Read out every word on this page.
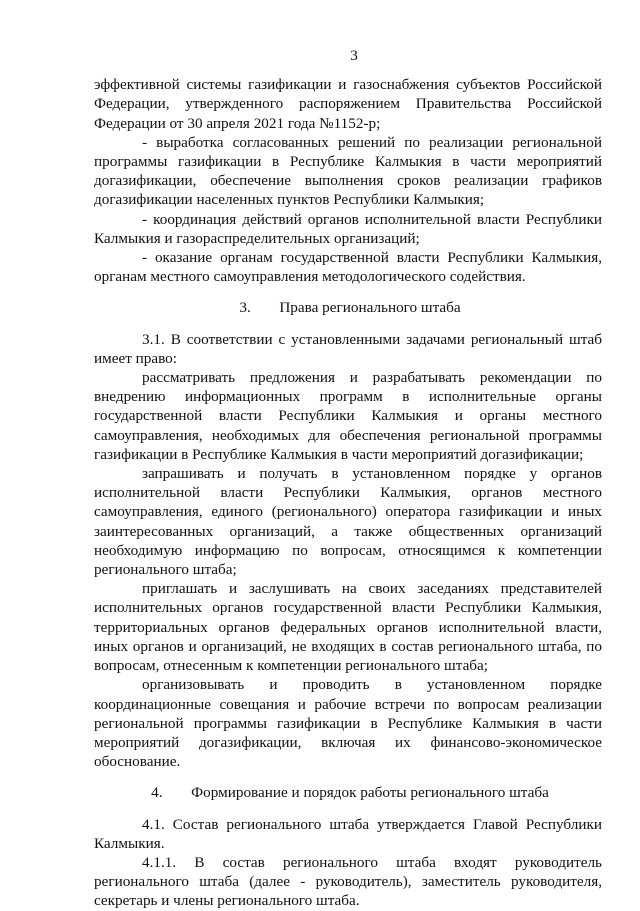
3

эффективной системы газификации и газоснабжения субъектов Российской Федерации, утвержденного распоряжением Правительства Российской Федерации от 30 апреля 2021 года №1152-р;

- выработка согласованных решений по реализации региональной программы газификации в Республике Калмыкия в части мероприятий догазификации, обеспечение выполнения сроков реализации графиков догазификации населенных пунктов Республики Калмыкия;

- координация действий органов исполнительной власти Республики Калмыкия и газораспределительных организаций;

- оказание органам государственной власти Республики Калмыкия, органам местного самоуправления методологического содействия.

3. Права регионального штаба

3.1. В соответствии с установленными задачами региональный штаб имеет право:

рассматривать предложения и разрабатывать рекомендации по внедрению информационных программ в исполнительные органы государственной власти Республики Калмыкия и органы местного самоуправления, необходимых для обеспечения региональной программы газификации в Республике Калмыкия в части мероприятий догазификации;

запрашивать и получать в установленном порядке у органов исполнительной власти Республики Калмыкия, органов местного самоуправления, единого (регионального) оператора газификации и иных заинтересованных организаций, а также общественных организаций необходимую информацию по вопросам, относящимся к компетенции регионального штаба;

приглашать и заслушивать на своих заседаниях представителей исполнительных органов государственной власти Республики Калмыкия, территориальных органов федеральных органов исполнительной власти, иных органов и организаций, не входящих в состав регионального штаба, по вопросам, отнесенным к компетенции регионального штаба;

организовывать и проводить в установленном порядке координационные совещания и рабочие встречи по вопросам реализации региональной программы газификации в Республике Калмыкия в части мероприятий догазификации, включая их финансово-экономическое обоснование.

4. Формирование и порядок работы регионального штаба

4.1. Состав регионального штаба утверждается Главой Республики Калмыкия.

4.1.1. В состав регионального штаба входят руководитель регионального штаба (далее - руководитель), заместитель руководителя, секретарь и члены регионального штаба.
